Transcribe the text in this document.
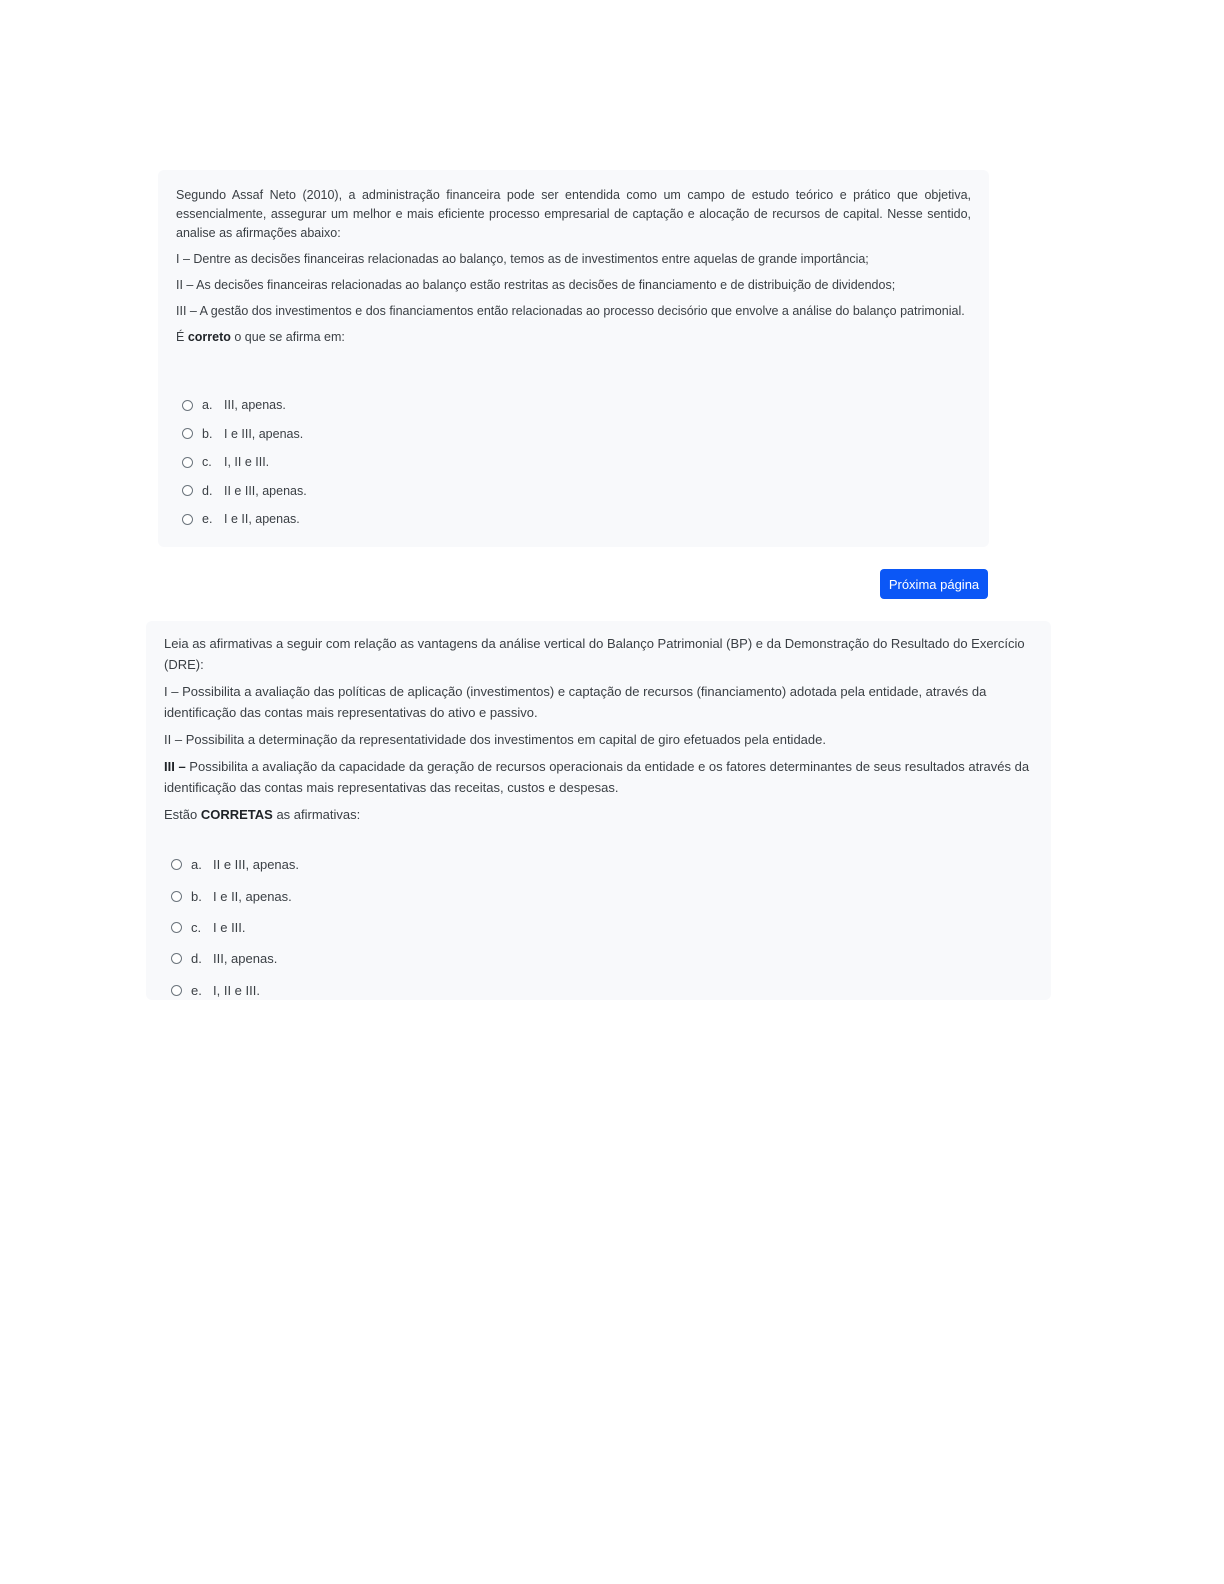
Segundo Assaf Neto (2010), a administração financeira pode ser entendida como um campo de estudo teórico e prático que objetiva, essencialmente, assegurar um melhor e mais eficiente processo empresarial de captação e alocação de recursos de capital. Nesse sentido, analise as afirmações abaixo:

I – Dentre as decisões financeiras relacionadas ao balanço, temos as de investimentos entre aquelas de grande importância;

II – As decisões financeiras relacionadas ao balanço estão restritas as decisões de financiamento e de distribuição de dividendos;

III – A gestão dos investimentos e dos financiamentos então relacionadas ao processo decisório que envolve a análise do balanço patrimonial.

É correto o que se afirma em:

a. III, apenas.
b. I e III, apenas.
c. I, II e III.
d. II e III, apenas.
e. I e II, apenas.
Próxima página

Leia as afirmativas a seguir com relação as vantagens da análise vertical do Balanço Patrimonial (BP) e da Demonstração do Resultado do Exercício (DRE):

I – Possibilita a avaliação das políticas de aplicação (investimentos) e captação de recursos (financiamento) adotada pela entidade, através da identificação das contas mais representativas do ativo e passivo.

II – Possibilita a determinação da representatividade dos investimentos em capital de giro efetuados pela entidade.

III – Possibilita a avaliação da capacidade da geração de recursos operacionais da entidade e os fatores determinantes de seus resultados através da identificação das contas mais representativas das receitas, custos e despesas.

Estão CORRETAS as afirmativas:

a. II e III, apenas.
b. I e II, apenas.
c. I e III.
d. III, apenas.
e. I, II e III.
